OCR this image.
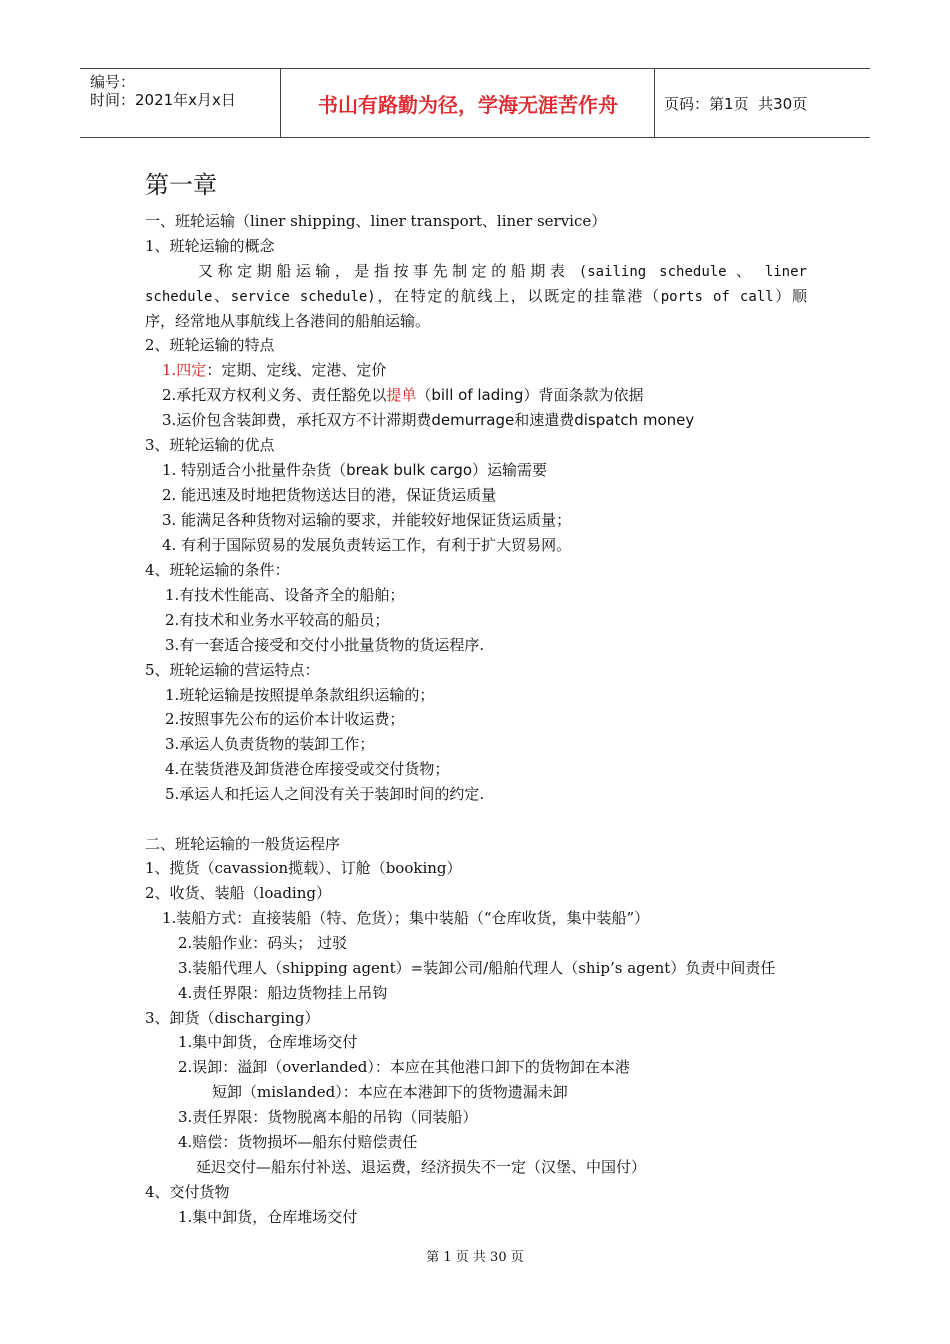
编号：
时间：2021年x月x日	书山有路勤为径，学海无涯苦作舟	页码：第1页  共30页
第一章
一、班轮运输（liner shipping、liner transport、liner service）
1、班轮运输的概念
又称定期船运输，是指按事先制定的船期表 (sailing schedule 、 liner
schedule、service schedule)，在特定的航线上，以既定的挂靠港（ports of call）顺
序，经常地从事航线上各港间的船舶运输。
2、班轮运输的特点
1.四定：定期、定线、定港、定价
2.承托双方权利义务、责任豁免以提单（bill of lading）背面条款为依据
3.运价包含装卸费，承托双方不计滞期费demurrage和速遣费dispatch money
3、班轮运输的优点
1. 特别适合小批量件杂货（break bulk cargo）运输需要
2. 能迅速及时地把货物送达目的港，保证货运质量
3. 能满足各种货物对运输的要求，并能较好地保证货运质量；
4. 有利于国际贸易的发展负责转运工作，有利于扩大贸易网。
4、班轮运输的条件：
1.有技术性能高、设备齐全的船舶；
2.有技术和业务水平较高的船员；
3.有一套适合接受和交付小批量货物的货运程序.
5、班轮运输的营运特点：
1.班轮运输是按照提单条款组织运输的；
2.按照事先公布的运价本计收运费；
3.承运人负责货物的装卸工作；
4.在装货港及卸货港仓库接受或交付货物；
5.承运人和托运人之间没有关于装卸时间的约定.
二、班轮运输的一般货运程序
1、揽货（cavassion揽载）、订舱（booking）
2、收货、装船（loading）
1.装船方式：直接装船（特、危货）；集中装船（“仓库收货，集中装船”）
2.装船作业：码头； 过驳
3.装船代理人（shipping agent）=装卸公司/船舶代理人（ship’s agent）负责中间责任
4.责任界限：船边货物挂上吊钩
3、卸货（discharging）
1.集中卸货，仓库堆场交付
2.误卸：溢卸（overlanded）：本应在其他港口卸下的货物卸在本港
短卸（mislanded）：本应在本港卸下的货物遗漏未卸
3.责任界限：货物脱离本船的吊钩（同装船）
4.赔偿：货物损坏—船东付赔偿责任
延迟交付—船东付补送、退运费，经济损失不一定（汉堡、中国付）
4、交付货物
1.集中卸货，仓库堆场交付
第 1 页 共 30 页
